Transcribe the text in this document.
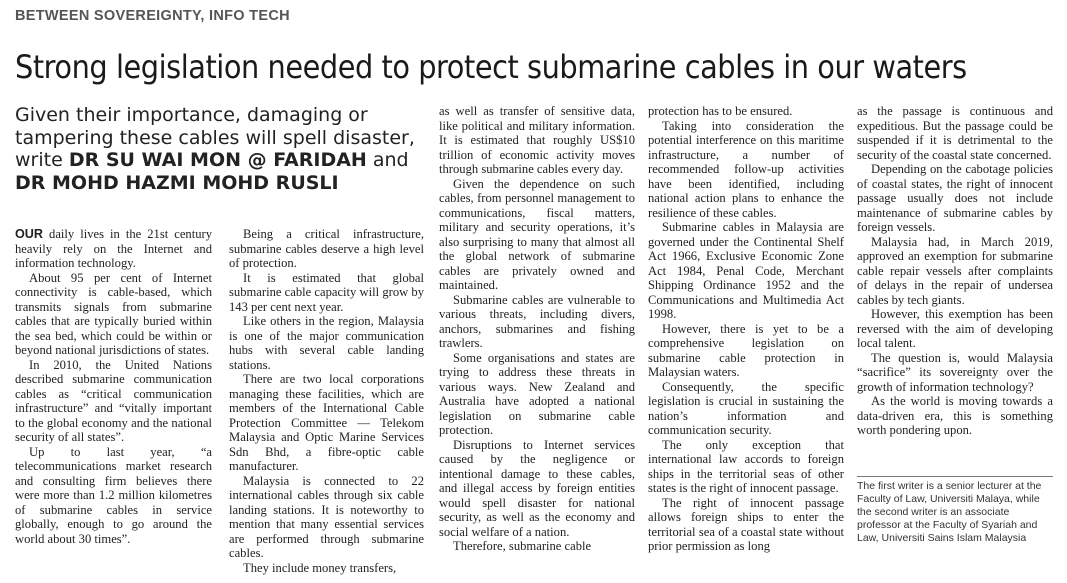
BETWEEN SOVEREIGNTY, INFO TECH
Strong legislation needed to protect submarine cables in our waters
Given their importance, damaging or tampering these cables will spell disaster, write DR SU WAI MON @ FARIDAH and DR MOHD HAZMI MOHD RUSLI

OUR daily lives in the 21st century heavily rely on the Internet and information technology.

About 95 per cent of Internet connectivity is cable-based, which transmits signals from submarine cables that are typically buried within the sea bed, which could be within or beyond national jurisdictions of states.

In 2010, the United Nations described submarine communication cables as “critical communication infrastructure” and “vitally important to the global economy and the national security of all states”.

Up to last year, “a telecommunications market research and consulting firm believes there were more than 1.2 million kilometres of submarine cables in service globally, enough to go around the world about 30 times”.

Being a critical infrastructure, submarine cables deserve a high level of protection.

It is estimated that global submarine cable capacity will grow by 143 per cent next year.

Like others in the region, Malaysia is one of the major communication hubs with several cable landing stations.

There are two local corporations managing these facilities, which are members of the International Cable Protection Committee — Telekom Malaysia and Optic Marine Services Sdn Bhd, a fibre-optic cable manufacturer.

Malaysia is connected to 22 international cables through six cable landing stations. It is noteworthy to mention that many essential services are performed through submarine cables.

They include money transfers,

as well as transfer of sensitive data, like political and military information. It is estimated that roughly US$10 trillion of economic activity moves through submarine cables every day.

Given the dependence on such cables, from personnel management to communications, fiscal matters, military and security operations, it’s also surprising to many that almost all the global network of submarine cables are privately owned and maintained.

Submarine cables are vulnerable to various threats, including divers, anchors, submarines and fishing trawlers.

Some organisations and states are trying to address these threats in various ways. New Zealand and Australia have adopted a national legislation on submarine cable protection.

Disruptions to Internet services caused by the negligence or intentional damage to these cables, and illegal access by foreign entities would spell disaster for national security, as well as the economy and social welfare of a nation.

Therefore, submarine cable

protection has to be ensured.

Taking into consideration the potential interference on this maritime infrastructure, a number of recommended follow-up activities have been identified, including national action plans to enhance the resilience of these cables.

Submarine cables in Malaysia are governed under the Continental Shelf Act 1966, Exclusive Economic Zone Act 1984, Penal Code, Merchant Shipping Ordinance 1952 and the Communications and Multimedia Act 1998.

However, there is yet to be a comprehensive legislation on submarine cable protection in Malaysian waters.

Consequently, the specific legislation is crucial in sustaining the nation’s information and communication security.

The only exception that international law accords to foreign ships in the territorial seas of other states is the right of innocent passage.

The right of innocent passage allows foreign ships to enter the territorial sea of a coastal state without prior permission as long

as the passage is continuous and expeditious. But the passage could be suspended if it is detrimental to the security of the coastal state concerned.

Depending on the cabotage policies of coastal states, the right of innocent passage usually does not include maintenance of submarine cables by foreign vessels.

Malaysia had, in March 2019, approved an exemption for submarine cable repair vessels after complaints of delays in the repair of undersea cables by tech giants.

However, this exemption has been reversed with the aim of developing local talent.

The question is, would Malaysia “sacrifice” its sovereignty over the growth of information technology?

As the world is moving towards a data-driven era, this is something worth pondering upon.

The first writer is a senior lecturer at the Faculty of Law, Universiti Malaya, while the second writer is an associate professor at the Faculty of Syariah and Law, Universiti Sains Islam Malaysia
